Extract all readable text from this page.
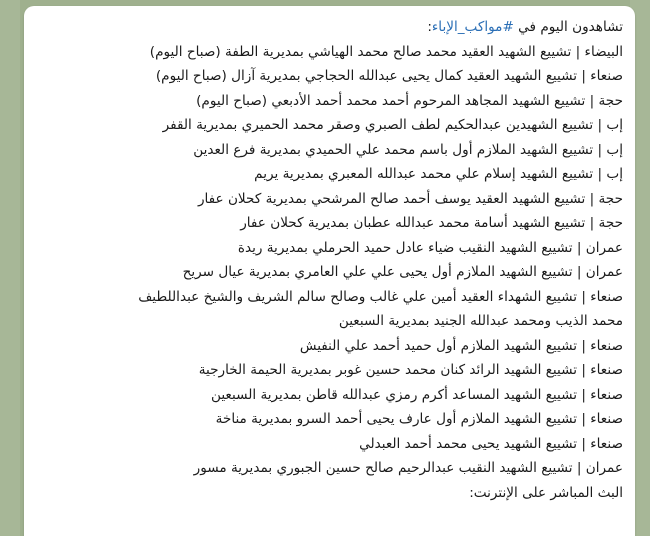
تشاهدون اليوم في #مواكب_الإباء:
البيضاء | تشييع الشهيد العقيد محمد صالح محمد الهياشي بمديرية الطفة (صباح اليوم)
صنعاء | تشييع الشهيد العقيد كمال يحيى عبدالله الحجاجي بمديرية آزال (صباح اليوم)
حجة | تشييع الشهيد المجاهد المرحوم أحمد محمد أحمد الأدبعي (صباح اليوم)
إب | تشييع الشهيدين عبدالحكيم لطف الصبري وصقر محمد الحميري بمديرية القفر
إب | تشييع الشهيد الملازم أول باسم محمد علي الحميدي بمديرية فرع العدين
إب | تشييع الشهيد إسلام علي محمد عبدالله المعبري بمديرية يريم
حجة | تشييع الشهيد العقيد يوسف أحمد صالح المرشحي بمديرية كحلان عفار
حجة | تشييع الشهيد أسامة محمد عبدالله عطبان بمديرية كحلان عفار
عمران | تشييع الشهيد النقيب ضياء عادل حميد الحرملي بمديرية ريدة
عمران | تشييع الشهيد الملازم أول يحيى علي علي العامري بمديرية عيال سريح
صنعاء | تشييع الشهداء العقيد أمين علي غالب وصالح سالم الشريف والشيخ عبداللطيف
محمد الذيب ومحمد عبدالله الجنيد بمديرية السبعين
صنعاء | تشييع الشهيد الملازم أول حميد أحمد علي النفيش
صنعاء | تشييع الشهيد الرائد كنان محمد حسين غوبر بمديرية الحيمة الخارجية
صنعاء | تشييع الشهيد المساعد أكرم رمزي عبدالله قاطن بمديرية السبعين
صنعاء | تشييع الشهيد الملازم أول عارف يحيى أحمد السرو بمديرية مناخة
صنعاء | تشييع الشهيد يحيى محمد أحمد العبدلي
عمران | تشييع الشهيد النقيب عبدالرحيم صالح حسين الجبوري بمديرية مسور
البث المباشر على الإنترنت:
